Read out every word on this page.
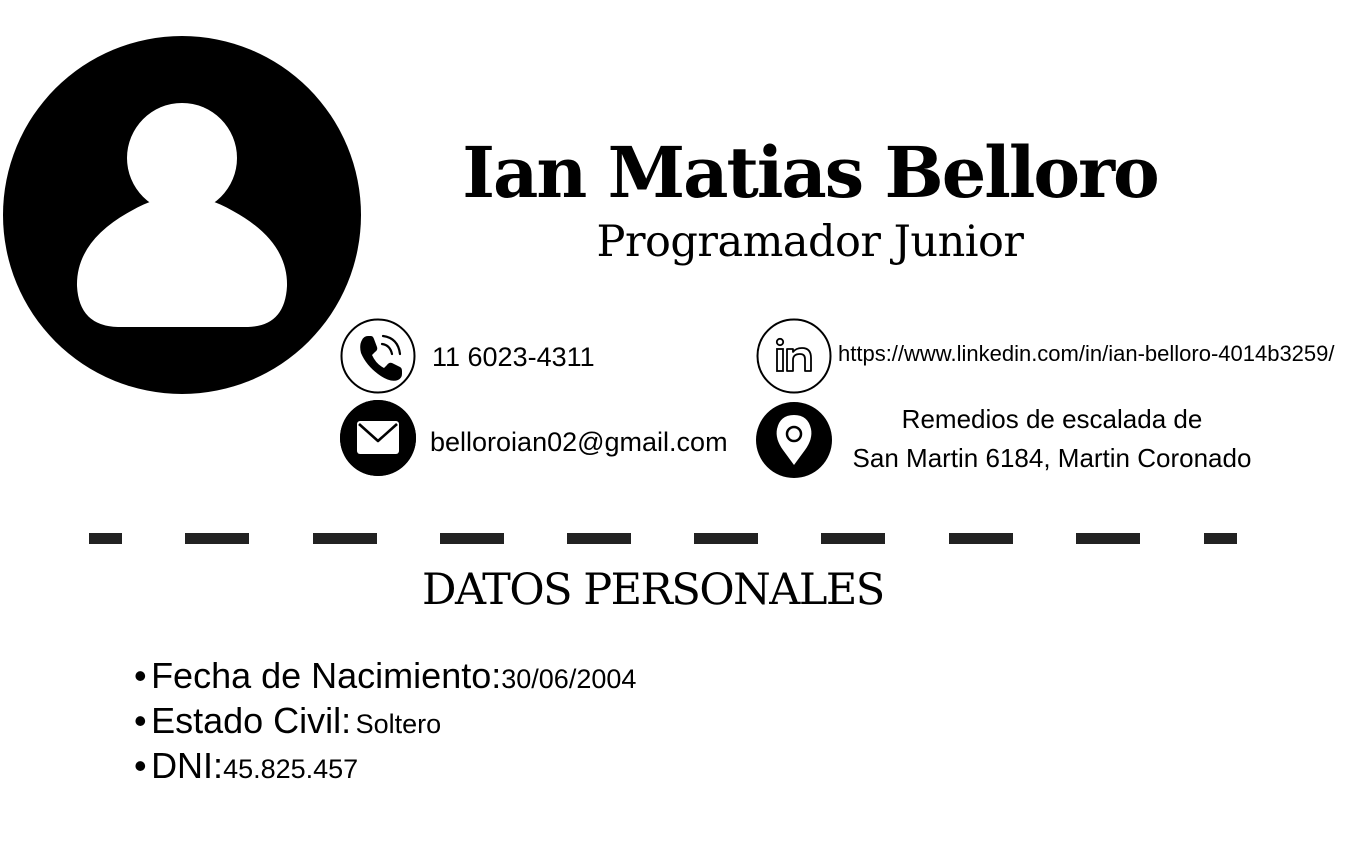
Ian Matias Belloro
Programador Junior
11 6023-4311	https://www.linkedin.com/in/ian-belloro-4014b3259/
belloroian02@gmail.com
Remedios de escalada de
San Martin 6184, Martin Coronado
DATOS PERSONALES
• Fecha de Nacimiento:30/06/2004
• Estado Civil: Soltero
• DNI:45.825.457
